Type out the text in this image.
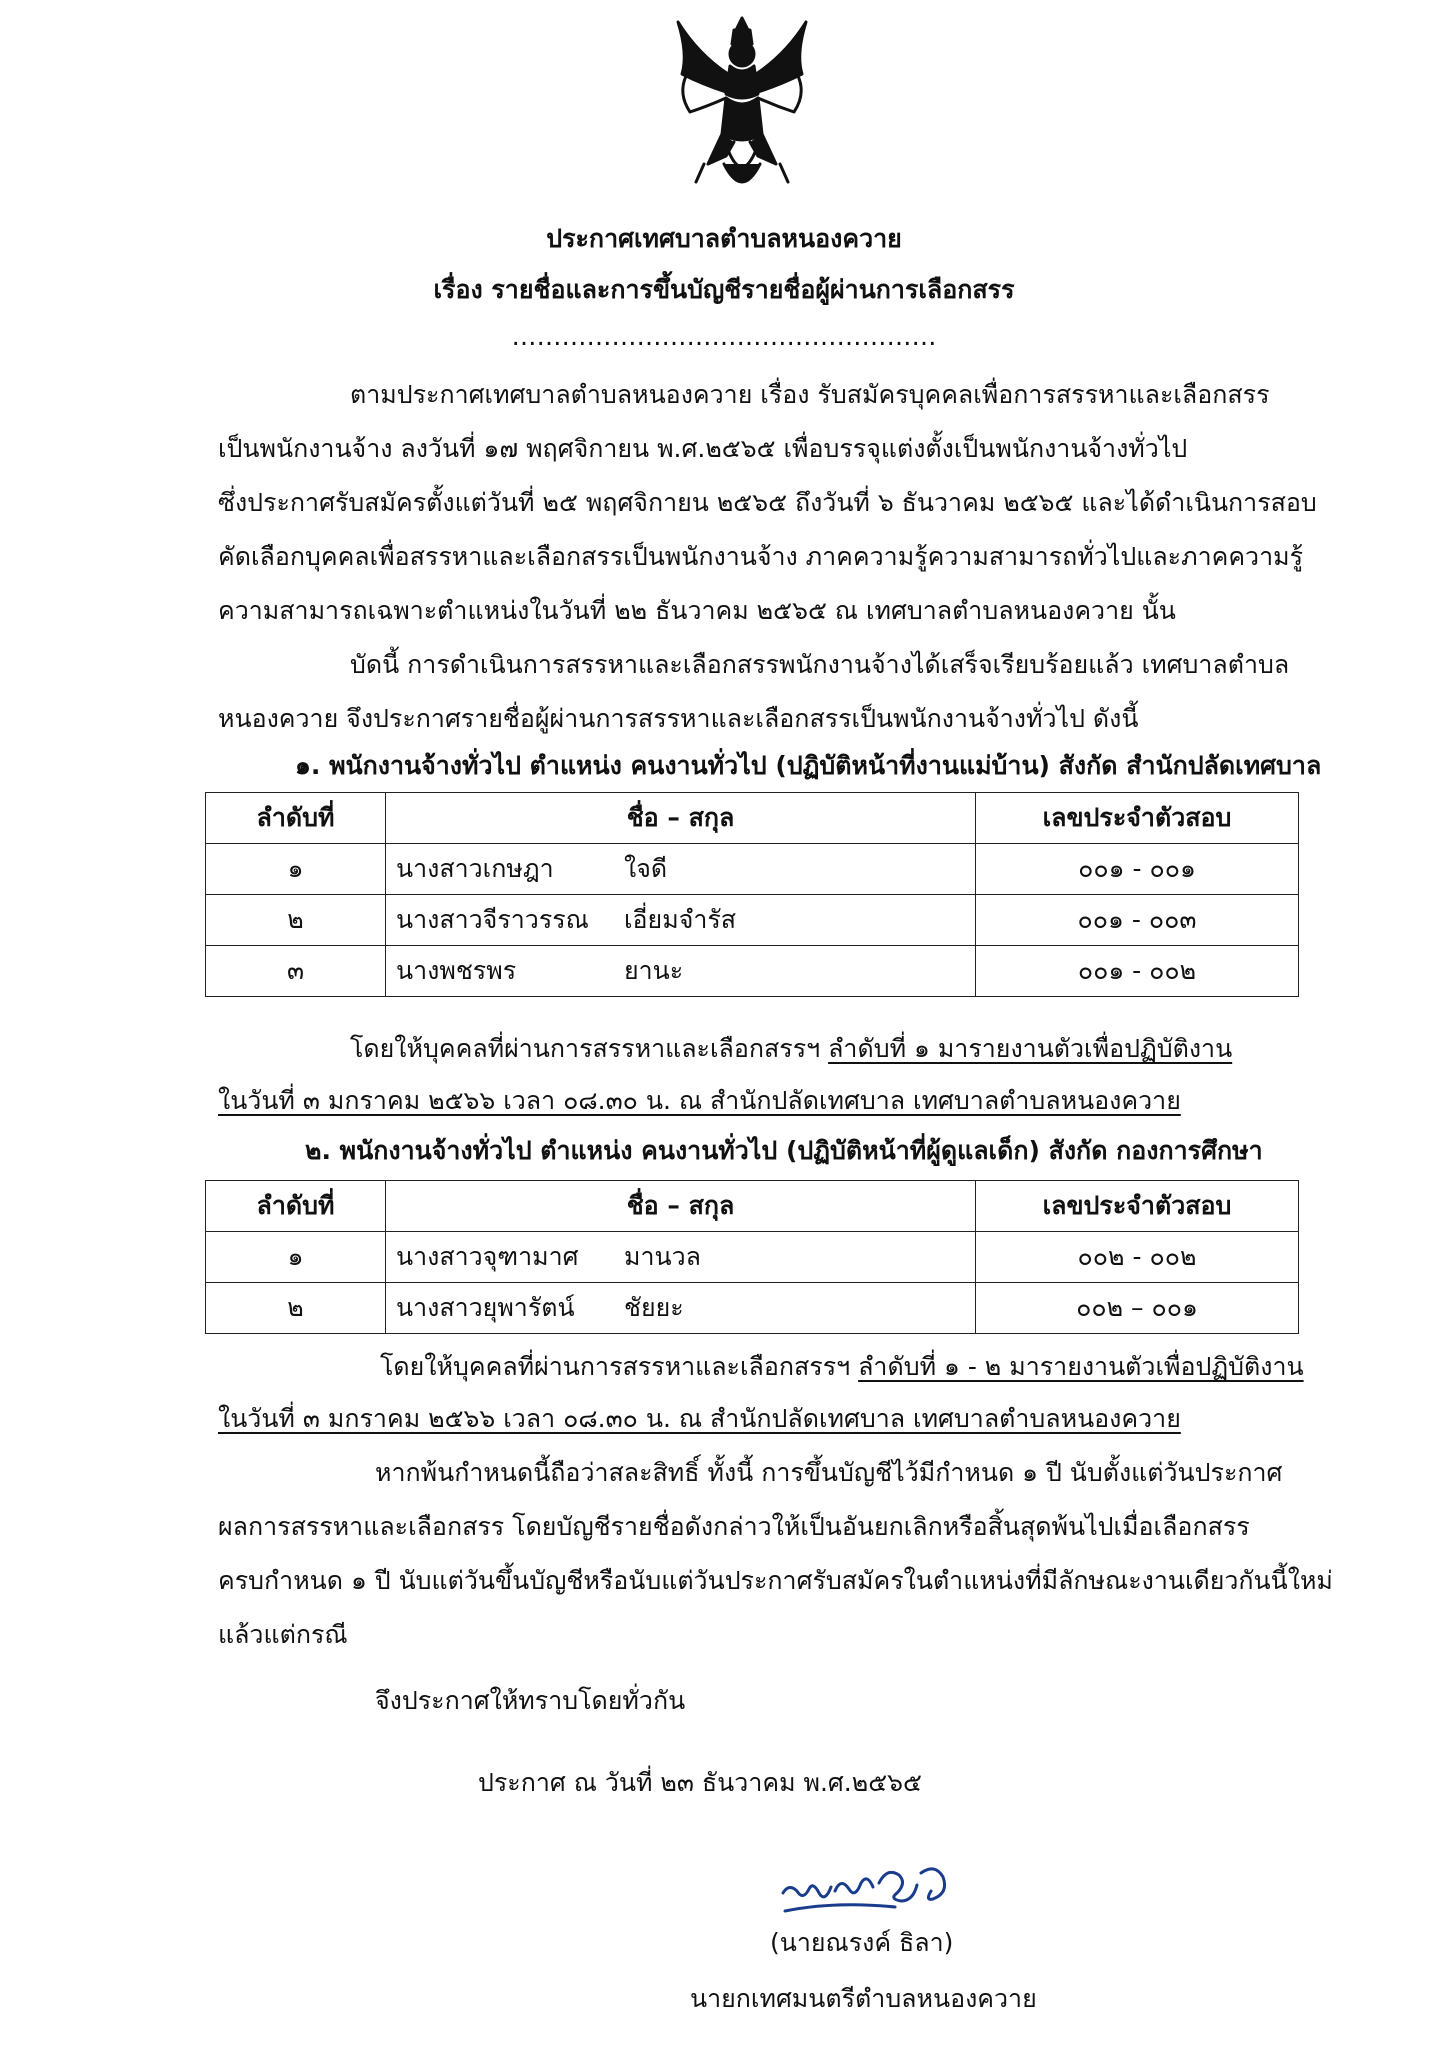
ประกาศเทศบาลตำบลหนองควาย
เรื่อง รายชื่อและการขึ้นบัญชีรายชื่อผู้ผ่านการเลือกสรร
……………………………………………
ตามประกาศเทศบาลตำบลหนองควาย เรื่อง รับสมัครบุคคลเพื่อการสรรหาและเลือกสรร
เป็นพนักงานจ้าง ลงวันที่ ๑๗ พฤศจิกายน พ.ศ.๒๕๖๕ เพื่อบรรจุแต่งตั้งเป็นพนักงานจ้างทั่วไป
ซึ่งประกาศรับสมัครตั้งแต่วันที่ ๒๕ พฤศจิกายน ๒๕๖๕ ถึงวันที่ ๖ ธันวาคม ๒๕๖๕ และได้ดำเนินการสอบ
คัดเลือกบุคคลเพื่อสรรหาและเลือกสรรเป็นพนักงานจ้าง ภาคความรู้ความสามารถทั่วไปและภาคความรู้
ความสามารถเฉพาะตำแหน่งในวันที่ ๒๒ ธันวาคม ๒๕๖๕ ณ เทศบาลตำบลหนองควาย นั้น
บัดนี้ การดำเนินการสรรหาและเลือกสรรพนักงานจ้างได้เสร็จเรียบร้อยแล้ว เทศบาลตำบล
หนองควาย จึงประกาศรายชื่อผู้ผ่านการสรรหาและเลือกสรรเป็นพนักงานจ้างทั่วไป ดังนี้
๑. พนักงานจ้างทั่วไป ตำแหน่ง คนงานทั่วไป (ปฏิบัติหน้าที่งานแม่บ้าน) สังกัด สำนักปลัดเทศบาล
ลำดับที่	ชื่อ – สกุล	เลขประจำตัวสอบ
๑	นางสาวเกษฎา ใจดี	๐๐๑ - ๐๐๑
๒	นางสาวจีราวรรณ เอี่ยมจำรัส	๐๐๑ - ๐๐๓
๓	นางพชรพร ยานะ	๐๐๑ - ๐๐๒
โดยให้บุคคลที่ผ่านการสรรหาและเลือกสรรฯ ลำดับที่ ๑ มารายงานตัวเพื่อปฏิบัติงาน
ในวันที่ ๓ มกราคม ๒๕๖๖ เวลา ๐๘.๓๐ น. ณ สำนักปลัดเทศบาล เทศบาลตำบลหนองควาย
๒. พนักงานจ้างทั่วไป ตำแหน่ง คนงานทั่วไป (ปฏิบัติหน้าที่ผู้ดูแลเด็ก) สังกัด กองการศึกษา
ลำดับที่	ชื่อ – สกุล	เลขประจำตัวสอบ
๑	นางสาวจุฑามาศ มานวล	๐๐๒ - ๐๐๒
๒	นางสาวยุพารัตน์ ชัยยะ	๐๐๒ – ๐๐๑
โดยให้บุคคลที่ผ่านการสรรหาและเลือกสรรฯ ลำดับที่ ๑ - ๒ มารายงานตัวเพื่อปฏิบัติงาน
ในวันที่ ๓ มกราคม ๒๕๖๖ เวลา ๐๘.๓๐ น. ณ สำนักปลัดเทศบาล เทศบาลตำบลหนองควาย
หากพ้นกำหนดนี้ถือว่าสละสิทธิ์ ทั้งนี้ การขึ้นบัญชีไว้มีกำหนด ๑ ปี นับตั้งแต่วันประกาศ
ผลการสรรหาและเลือกสรร โดยบัญชีรายชื่อดังกล่าวให้เป็นอันยกเลิกหรือสิ้นสุดพ้นไปเมื่อเลือกสรร
ครบกำหนด ๑ ปี นับแต่วันขึ้นบัญชีหรือนับแต่วันประกาศรับสมัครในตำแหน่งที่มีลักษณะงานเดียวกันนี้ใหม่
แล้วแต่กรณี
จึงประกาศให้ทราบโดยทั่วกัน
ประกาศ ณ วันที่ ๒๓ ธันวาคม พ.ศ.๒๕๖๕
(นายณรงค์ ธิลา)
นายกเทศมนตรีตำบลหนองควาย
